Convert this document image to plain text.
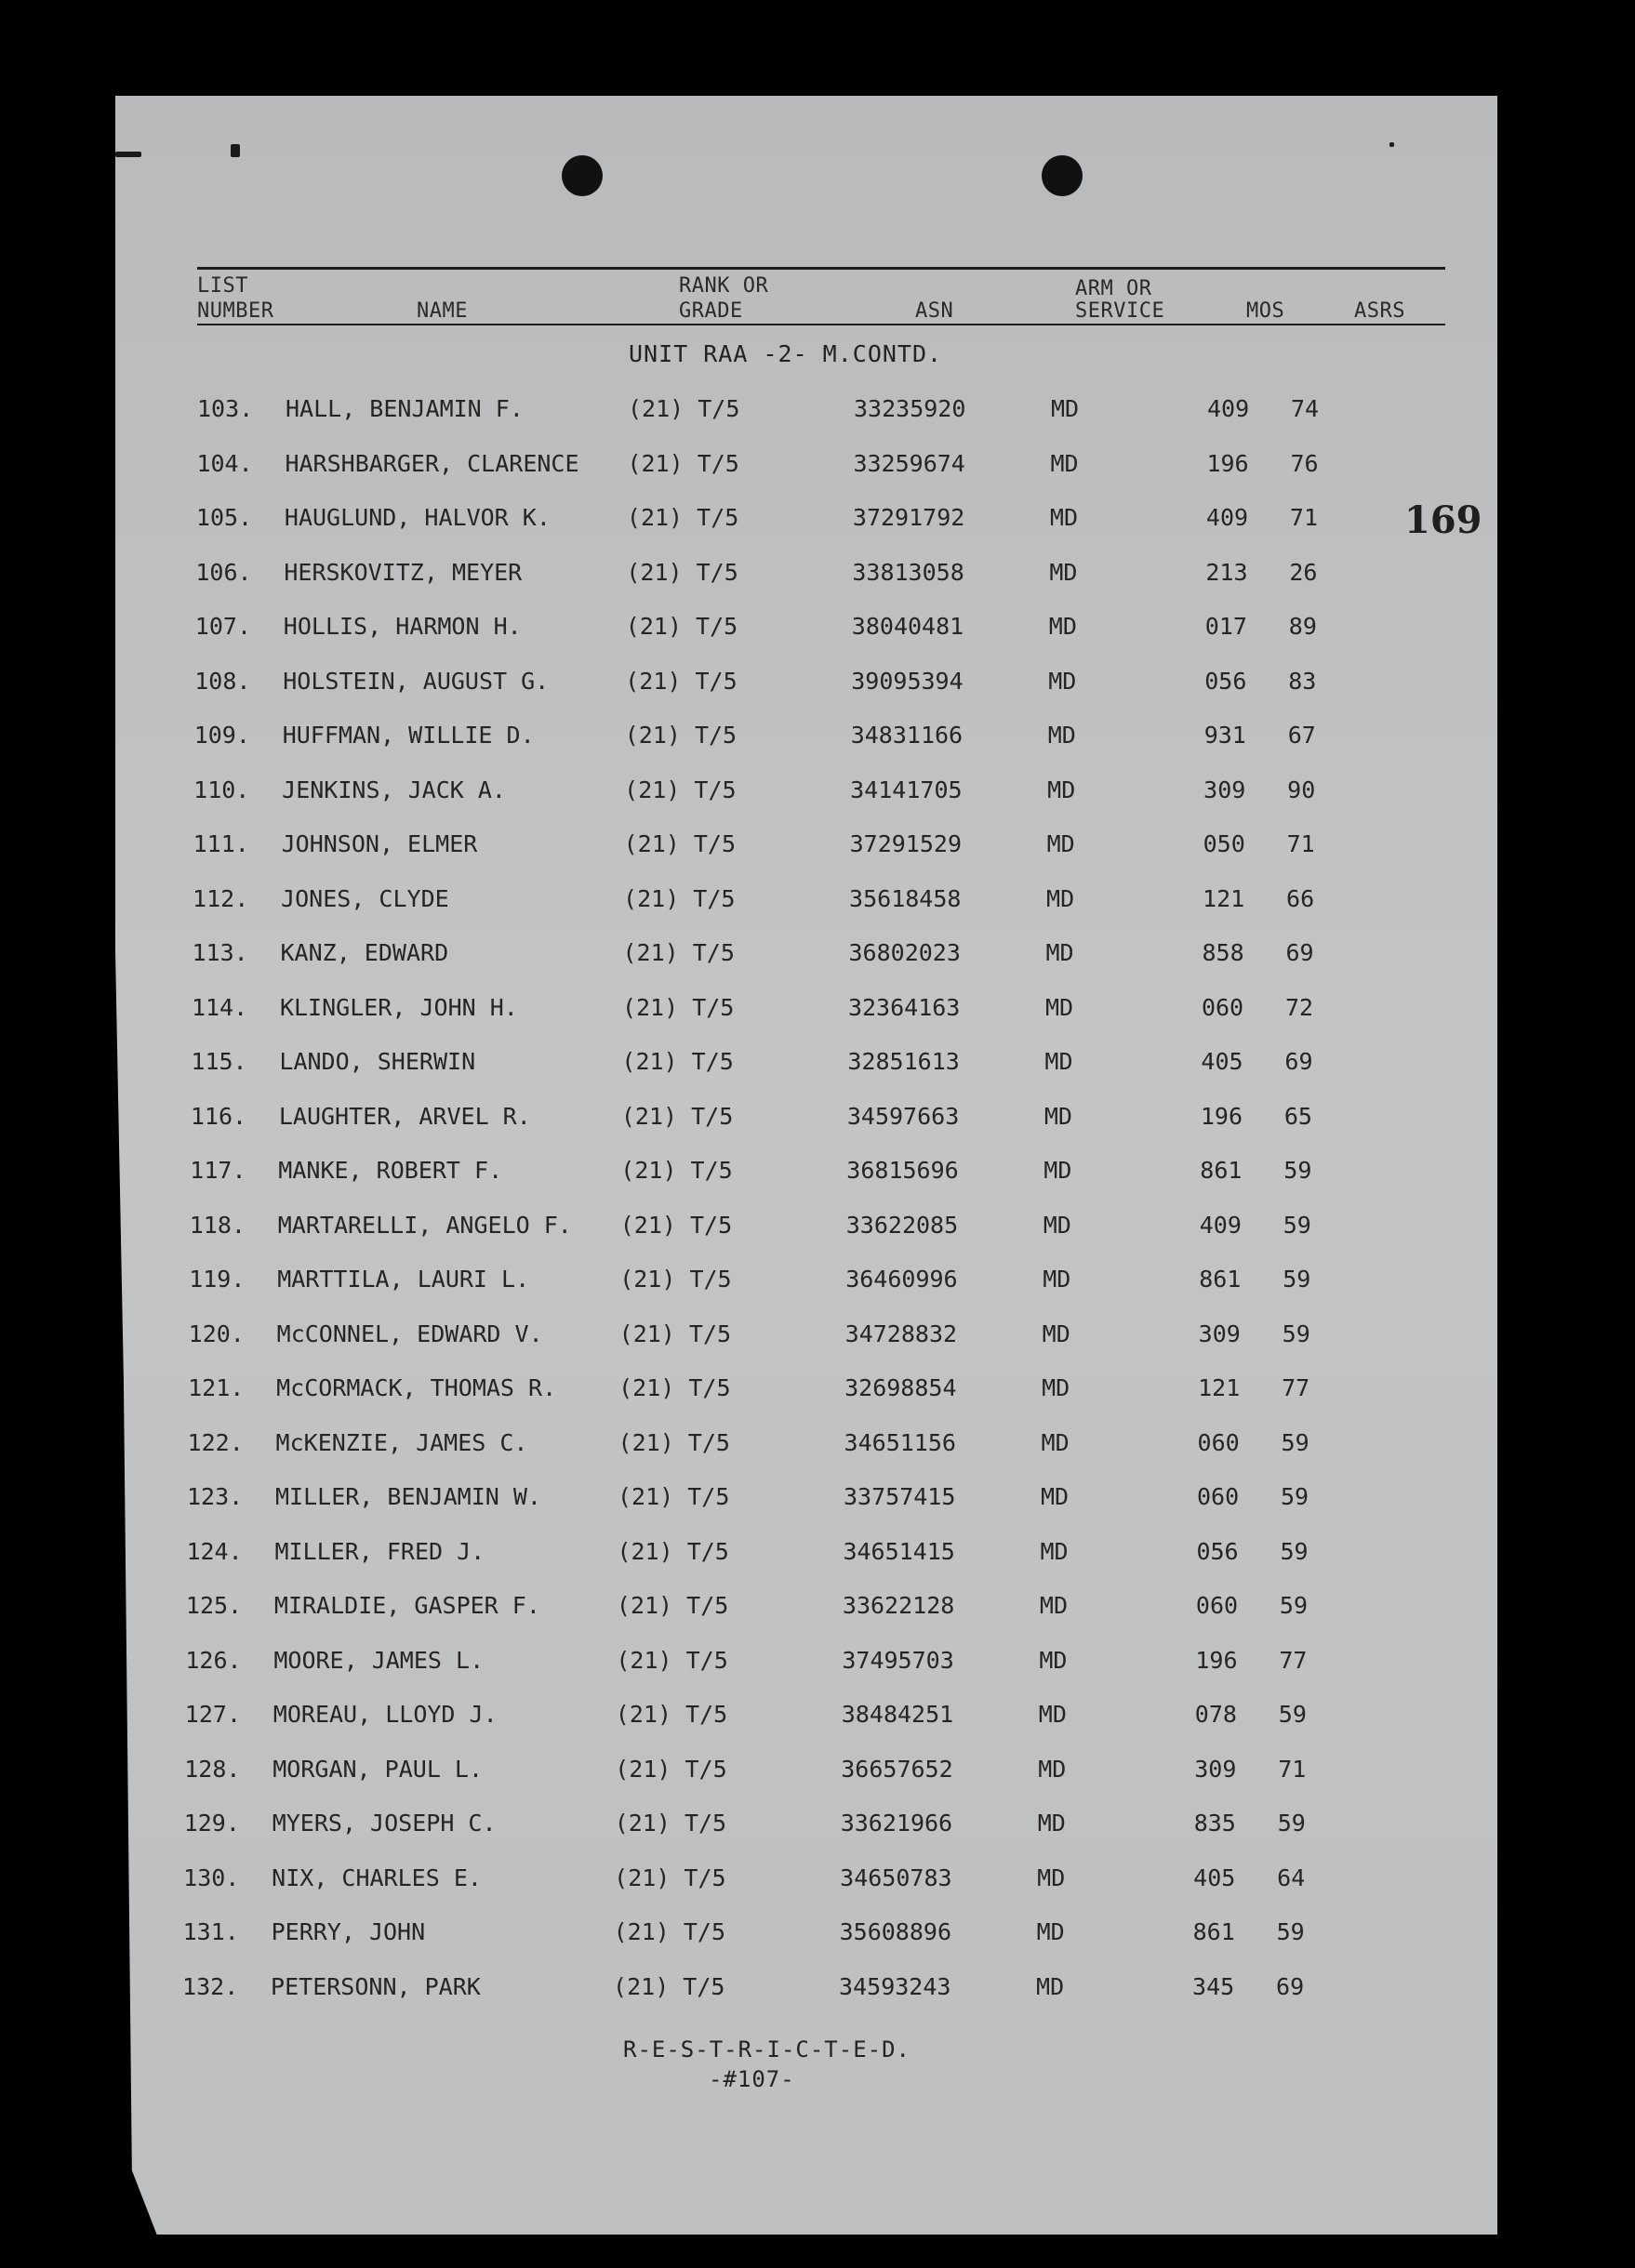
LIST
NUMBER	NAME
RANK OR
GRADE	ASN
ARM OR
SERVICE	MOS	ASRS
UNIT RAA -2- M.CONTD.
169
103. HALL, BENJAMIN F.	(21) T/5	33235920	MD	409 74
104. HARSHBARGER, CLARENCE (21) T/5	33259674	MD	196 76
105. HAUGLUND, HALVOR K.	(21) T/5	37291792	MD	409 71
106. HERSKOVITZ, MEYER	(21) T/5	33813058	MD	213 26
107. HOLLIS, HARMON H.	(21) T/5	38040481	MD	017 89
108. HOLSTEIN, AUGUST G.	(21) T/5	39095394	MD	056 83
109. HUFFMAN, WILLIE D.	(21) T/5	34831166	MD	931 67
110. JENKINS, JACK A.	(21) T/5	34141705	MD	309 90
111. JOHNSON, ELMER	(21) T/5	37291529	MD	050 71
112. JONES, CLYDE	(21) T/5	35618458	MD	121 66
113. KANZ, EDWARD	(21) T/5	36802023	MD	858 69
114. KLINGLER, JOHN H.	(21) T/5	32364163	MD	060 72
115. LANDO, SHERWIN	(21) T/5	32851613	MD	405 69
116. LAUGHTER, ARVEL R.	(21) T/5	34597663	MD	196 65
117. MANKE, ROBERT F.	(21) T/5	36815696	MD	861 59
118. MARTARELLI, ANGELO F. (21) T/5	33622085	MD	409 59
119. MARTTILA, LAURI L.	(21) T/5	36460996	MD	861 59
120. McCONNEL, EDWARD V.	(21) T/5	34728832	MD	309 59
121. McCORMACK, THOMAS R.	(21) T/5	32698854	MD	121 77
122. McKENZIE, JAMES C.	(21) T/5	34651156	MD	060 59
123. MILLER, BENJAMIN W.	(21) T/5	33757415	MD	060 59
124. MILLER, FRED J.	(21) T/5	34651415	MD	056 59
125. MIRALDIE, GASPER F.	(21) T/5	33622128	MD	060 59
126. MOORE, JAMES L.	(21) T/5	37495703	MD	196 77
127. MOREAU, LLOYD J.	(21) T/5	38484251	MD	078 59
128. MORGAN, PAUL L.	(21) T/5	36657652	MD	309 71
129. MYERS, JOSEPH C.	(21) T/5	33621966	MD	835 59
130. NIX, CHARLES E.	(21) T/5	34650783	MD	405 64
131. PERRY, JOHN	(21) T/5	35608896	MD	861 59
132. PETERSONN, PARK	(21) T/5	34593243	MD	345 69
R-E-S-T-R-I-C-T-E-D.
-#107-
